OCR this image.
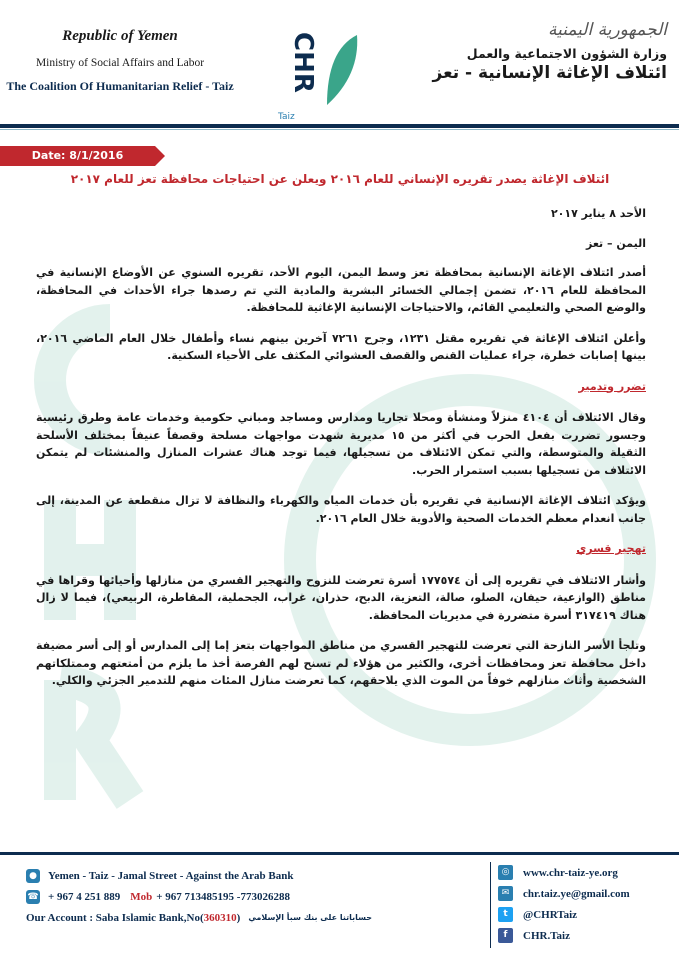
Republic of Yemen
Ministry of Social Affairs and Labor
The Coalition Of Humanitarian Relief - Taiz CHR
Taiz
الجمهورية اليمنية
وزارة الشؤون الاجتماعية والعمل
ائتلاف الإغاثة الإنسانية - تعز
Date: 8/1/2016
ائتلاف الإغاثة يصدر تقريره الإنساني للعام ٢٠١٦ ويعلن عن احتياجات محافظة تعز للعام ٢٠١٧

الأحد ٨ يناير ٢٠١٧

اليمن – تعز

أصدر ائتلاف الإغاثة الإنسانية بمحافظة تعز وسط اليمن، اليوم الأحد، تقريره السنوي عن الأوضاع الإنسانية في المحافظة للعام ٢٠١٦، تضمن إجمالي الخسائر البشرية والمادية التي تم رصدها جراء الأحداث في المحافظة، والوضع الصحي والتعليمي القائم، والاحتياجات الإنسانية الإغاثية للمحافظة.

وأعلن ائتلاف الإغاثة في تقريره مقتل ١٢٣١، وجرح ٧٢٦١ آخرين بينهم نساء وأطفال خلال العام الماضي ٢٠١٦، بينها إصابات خطرة، جراء عمليات القنص والقصف العشوائي المكثف على الأحياء السكنية.

تضرر وتدمير

وقال الائتلاف أن ٤١٠٤ منزلاً ومنشأة ومحلا تجاريا ومدارس ومساجد ومباني حكومية وخدمات عامة وطرق رئيسية وجسور تضررت بفعل الحرب في أكثر من ١٥ مديرية شهدت مواجهات مسلحة وقصفاً عنيفاً بمختلف الأسلحة الثقيلة والمتوسطة، والتي تمكن الائتلاف من تسجيلها، فيما توجد هناك عشرات المنازل والمنشئات لم يتمكن الائتلاف من تسجيلها بسبب استمرار الحرب.

ويؤكد ائتلاف الإغاثة الإنسانية في تقريره بأن خدمات المياه والكهرباء والنظافة لا تزال منقطعة عن المدينة، إلى جانب انعدام معظم الخدمات الصحية والأدوية خلال العام ٢٠١٦.

تهجير قسري

وأشار الائتلاف في تقريره إلى أن ١٧٧٥٧٤ أسرة تعرضت للنزوح والتهجير القسري من منازلها وأحيائها وقراها في مناطق (الوازعية، حيفان، الصلو، صالة، التعزية، الدبح، حذران، غراب، الجحملية، المقاطرة، الربيعي)، فيما لا زال هناك ٣١٧٤١٩ أسرة متضررة في مديريات المحافظة.

وتلجأ الأسر النازحة التي تعرضت للتهجير القسري من مناطق المواجهات بتعز إما إلى المدارس أو إلى أسر مضيفة داخل محافظة تعز ومحافظات أخرى، والكثير من هؤلاء لم تسنح لهم الفرصة أخذ ما يلزم من أمتعتهم وممتلكاتهم الشخصية وأثاث منازلهم خوفاً من الموت الذي يلاحقهم، كما تعرضت منازل المئات منهم للتدمير الجزئي والكلي.

● Yemen - Taiz - Jamal Street - Against the Arab Bank
☎ + 967 4 251 889 Mob + 967 713485195 -773026288
Our Account : Saba Islamic Bank,No( 360310 ) حساباتنا على بنك سبأ الإسلامي
◎	www.chr-taiz-ye.org
✉	chr.taiz.ye@gmail.com
t	@CHRTaiz
f	CHR.Taiz
